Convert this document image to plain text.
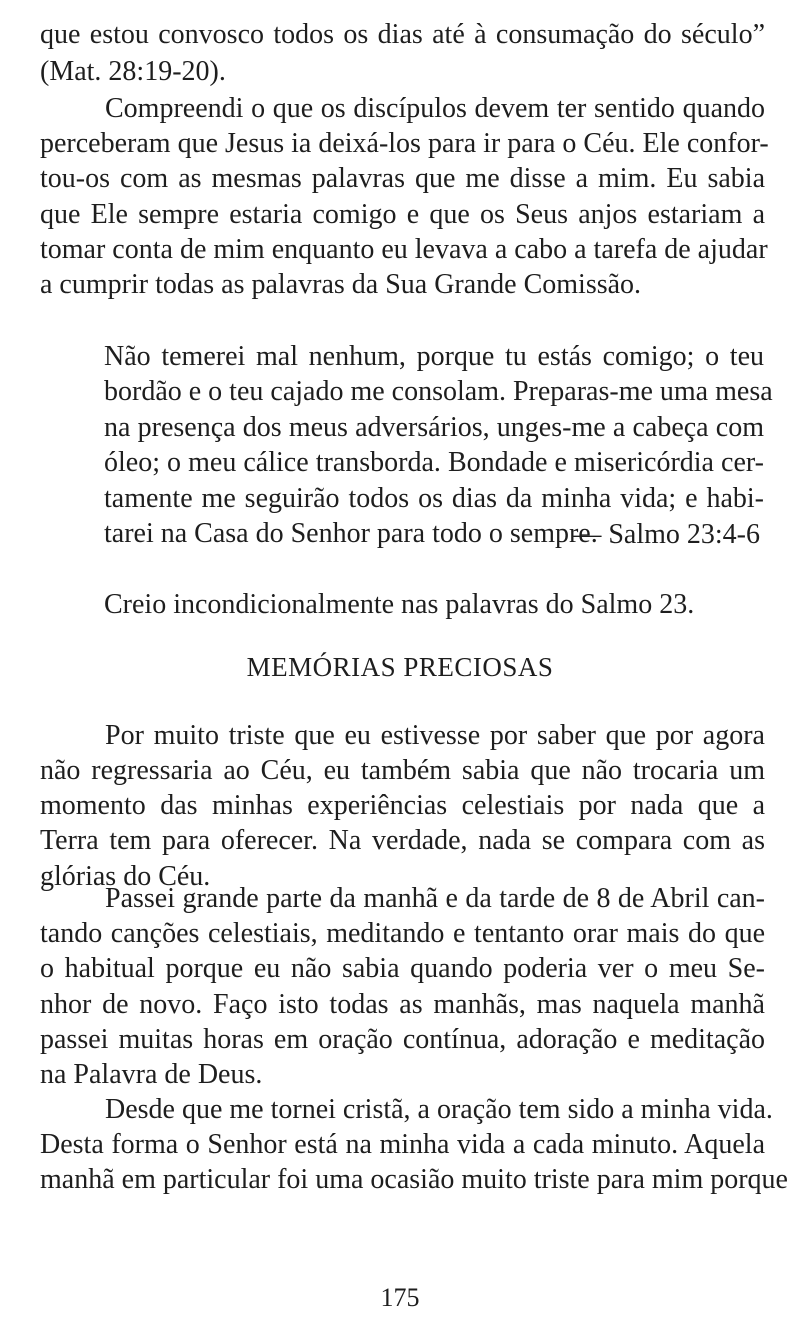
que estou convosco todos os dias até à consumação do século”

(Mat. 28:19-20).

Compreendi o que os discípulos devem ter sentido quando

perceberam que Jesus ia deixá-los para ir para o Céu. Ele confor-

tou-os com as mesmas palavras que me disse a mim. Eu sabia

que Ele sempre estaria comigo e que os Seus anjos estariam a

tomar conta de mim enquanto eu levava a cabo a tarefa de ajudar

a cumprir todas as palavras da Sua Grande Comissão.

Não temerei mal nenhum, porque tu estás comigo; o teu

bordão e o teu cajado me consolam. Preparas-me uma mesa

na presença dos meus adversários, unges-me a cabeça com

óleo; o meu cálice transborda. Bondade e misericórdia cer-

tamente me seguirão todos os dias da minha vida; e habi-

tarei na Casa do Senhor para todo o sempre.

Creio incondicionalmente nas palavras do Salmo 23.

MEMÓRIAS PRECIOSAS

Por muito triste que eu estivesse por saber que por agora

não regressaria ao Céu, eu também sabia que não trocaria um

momento das minhas experiências celestiais por nada que a

Terra tem para oferecer. Na verdade, nada se compara com as

glórias do Céu.

Passei grande parte da manhã e da tarde de 8 de Abril can-

tando canções celestiais, meditando e tentanto orar mais do que

o habitual porque eu não sabia quando poderia ver o meu Se-

nhor de novo. Faço isto todas as manhãs, mas naquela manhã

passei muitas horas em oração contínua, adoração e meditação

na Palavra de Deus.

Desde que me tornei cristã, a oração tem sido a minha vida.

Desta forma o Senhor está na minha vida a cada minuto. Aquela

manhã em particular foi uma ocasião muito triste para mim porque

— Salmo 23:4-6
175
